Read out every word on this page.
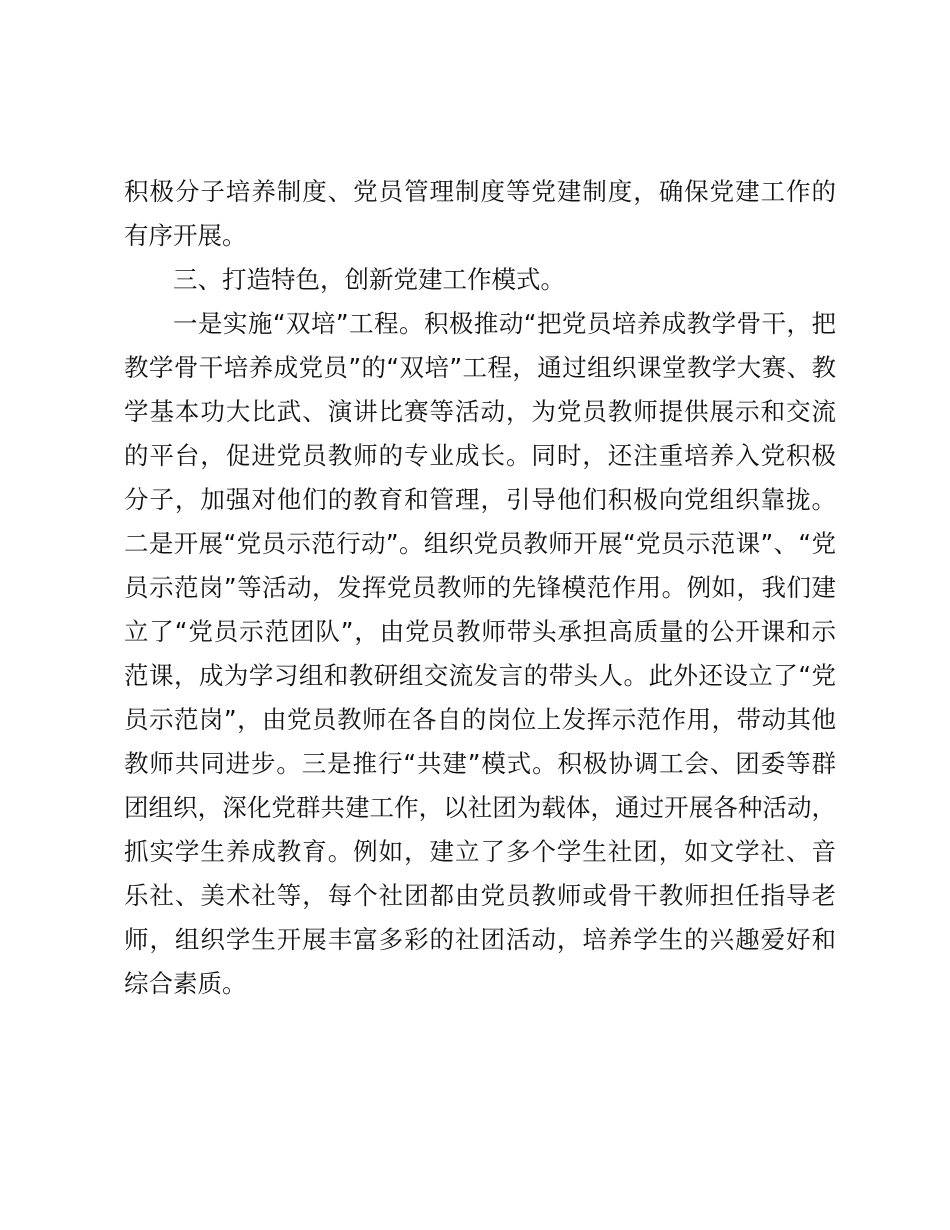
积极分子培养制度、党员管理制度等党建制度，确保党建工作的
有序开展。
三、打造特色，创新党建工作模式。
一是实施“双培”工程。积极推动“把党员培养成教学骨干，把
教学骨干培养成党员”的“双培”工程，通过组织课堂教学大赛、教
学基本功大比武、演讲比赛等活动，为党员教师提供展示和交流
的平台，促进党员教师的专业成长。同时，还注重培养入党积极
分子，加强对他们的教育和管理，引导他们积极向党组织靠拢。
二是开展“党员示范行动”。组织党员教师开展“党员示范课”、“党
员示范岗”等活动，发挥党员教师的先锋模范作用。例如，我们建
立了“党员示范团队”，由党员教师带头承担高质量的公开课和示
范课，成为学习组和教研组交流发言的带头人。此外还设立了“党
员示范岗”，由党员教师在各自的岗位上发挥示范作用，带动其他
教师共同进步。三是推行“共建”模式。积极协调工会、团委等群
团组织，深化党群共建工作，以社团为载体，通过开展各种活动，
抓实学生养成教育。例如，建立了多个学生社团，如文学社、音
乐社、美术社等，每个社团都由党员教师或骨干教师担任指导老
师，组织学生开展丰富多彩的社团活动，培养学生的兴趣爱好和
综合素质。
